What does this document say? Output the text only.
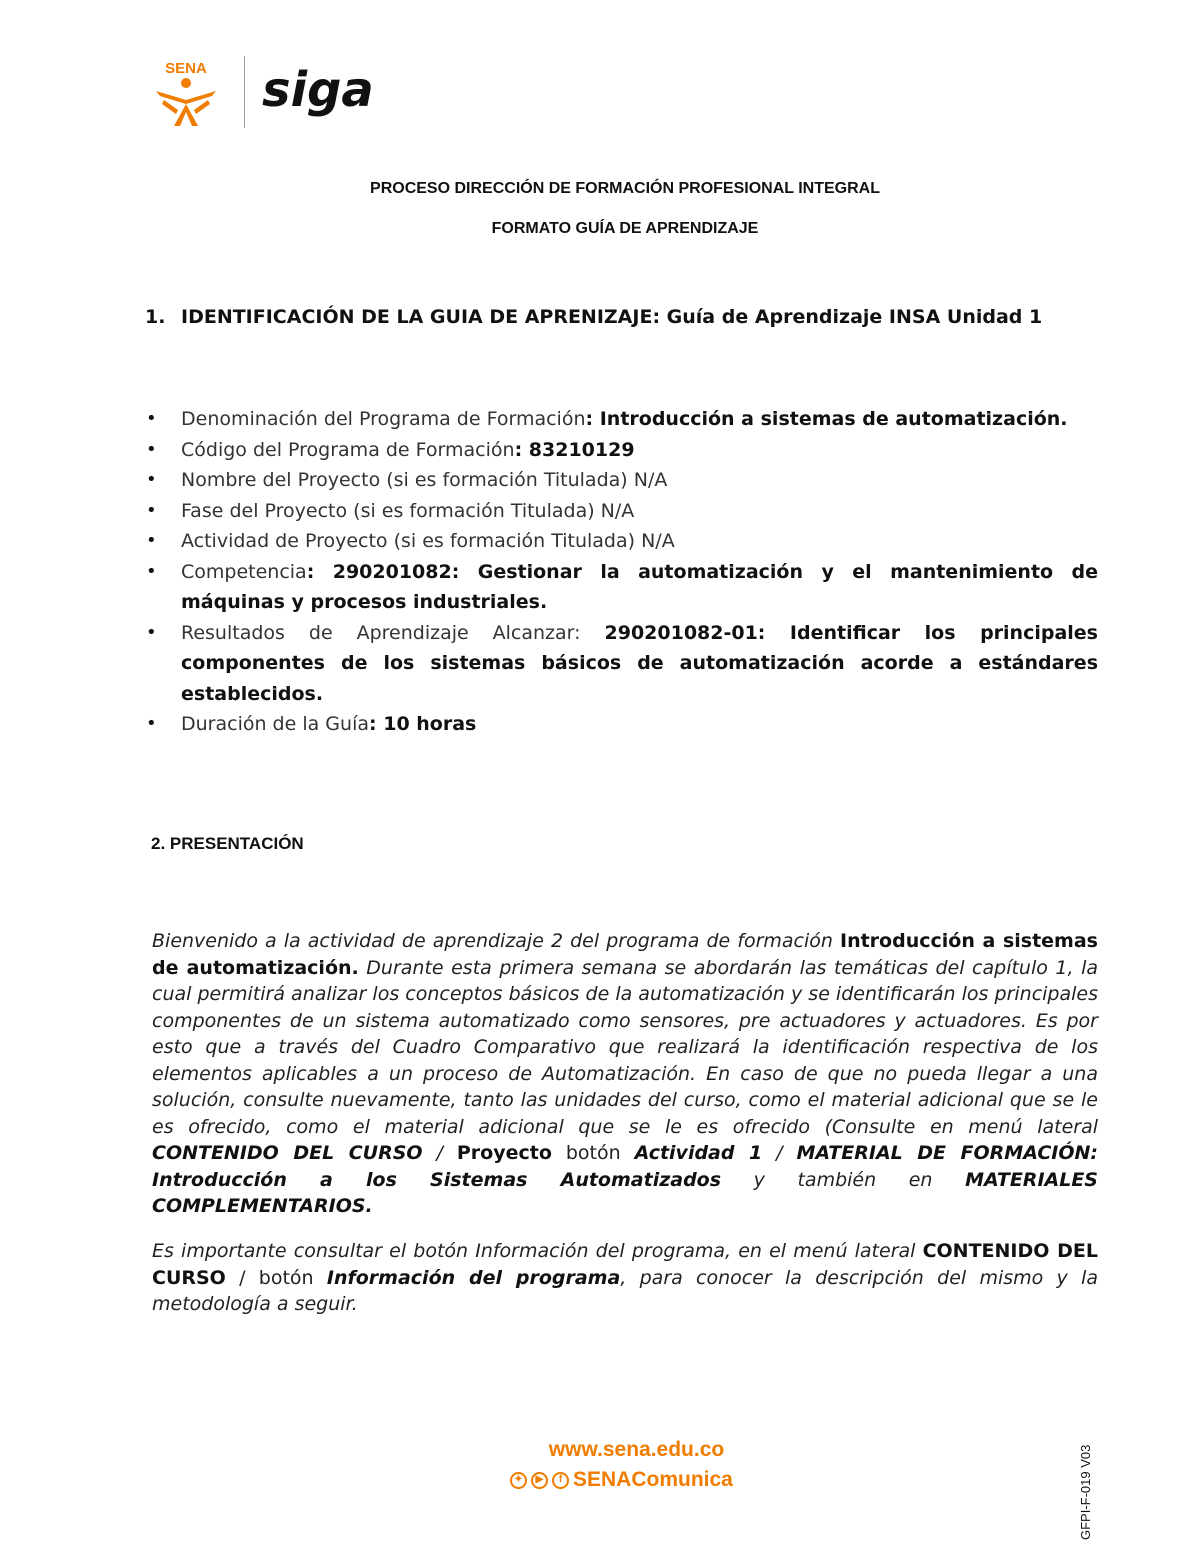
SENA siga
PROCESO DIRECCIÓN DE FORMACIÓN PROFESIONAL INTEGRAL
FORMATO GUÍA DE APRENDIZAJE
1. IDENTIFICACIÓN DE LA GUIA DE APRENIZAJE: Guía de Aprendizaje INSA Unidad 1
• Denominación del Programa de Formación: Introducción a sistemas de automatización.
• Código del Programa de Formación: 83210129
• Nombre del Proyecto (si es formación Titulada) N/A
• Fase del Proyecto (si es formación Titulada) N/A
• Actividad de Proyecto (si es formación Titulada) N/A
• Competencia: 290201082: Gestionar la automatización y el mantenimiento de máquinas y procesos industriales.
• Resultados de Aprendizaje Alcanzar: 290201082-01: Identificar los principales componentes de los sistemas básicos de automatización acorde a estándares establecidos.
• Duración de la Guía: 10 horas
2. PRESENTACIÓN
Bienvenido a la actividad de aprendizaje 2 del programa de formación Introducción a sistemas de automatización. Durante esta primera semana se abordarán las temáticas del capítulo 1, la cual permitirá analizar los conceptos básicos de la automatización y se identificarán los principales componentes de un sistema automatizado como sensores, pre actuadores y actuadores. Es por esto que a través del Cuadro Comparativo que realizará la identificación respectiva de los elementos aplicables a un proceso de Automatización. En caso de que no pueda llegar a una solución, consulte nuevamente, tanto las unidades del curso, como el material adicional que se le es ofrecido, como el material adicional que se le es ofrecido (Consulte en menú lateral CONTENIDO DEL CURSO / Proyecto botón Actividad 1 / MATERIAL DE FORMACIÓN: Introducción a los Sistemas Automatizados y también en MATERIALES COMPLEMENTARIOS.
Es importante consultar el botón Información del programa, en el menú lateral CONTENIDO DEL CURSO / botón Información del programa, para conocer la descripción del mismo y la metodología a seguir.
www.sena.edu.co
✦	▶	f SENAComunica	GFPI-F-019 V03
